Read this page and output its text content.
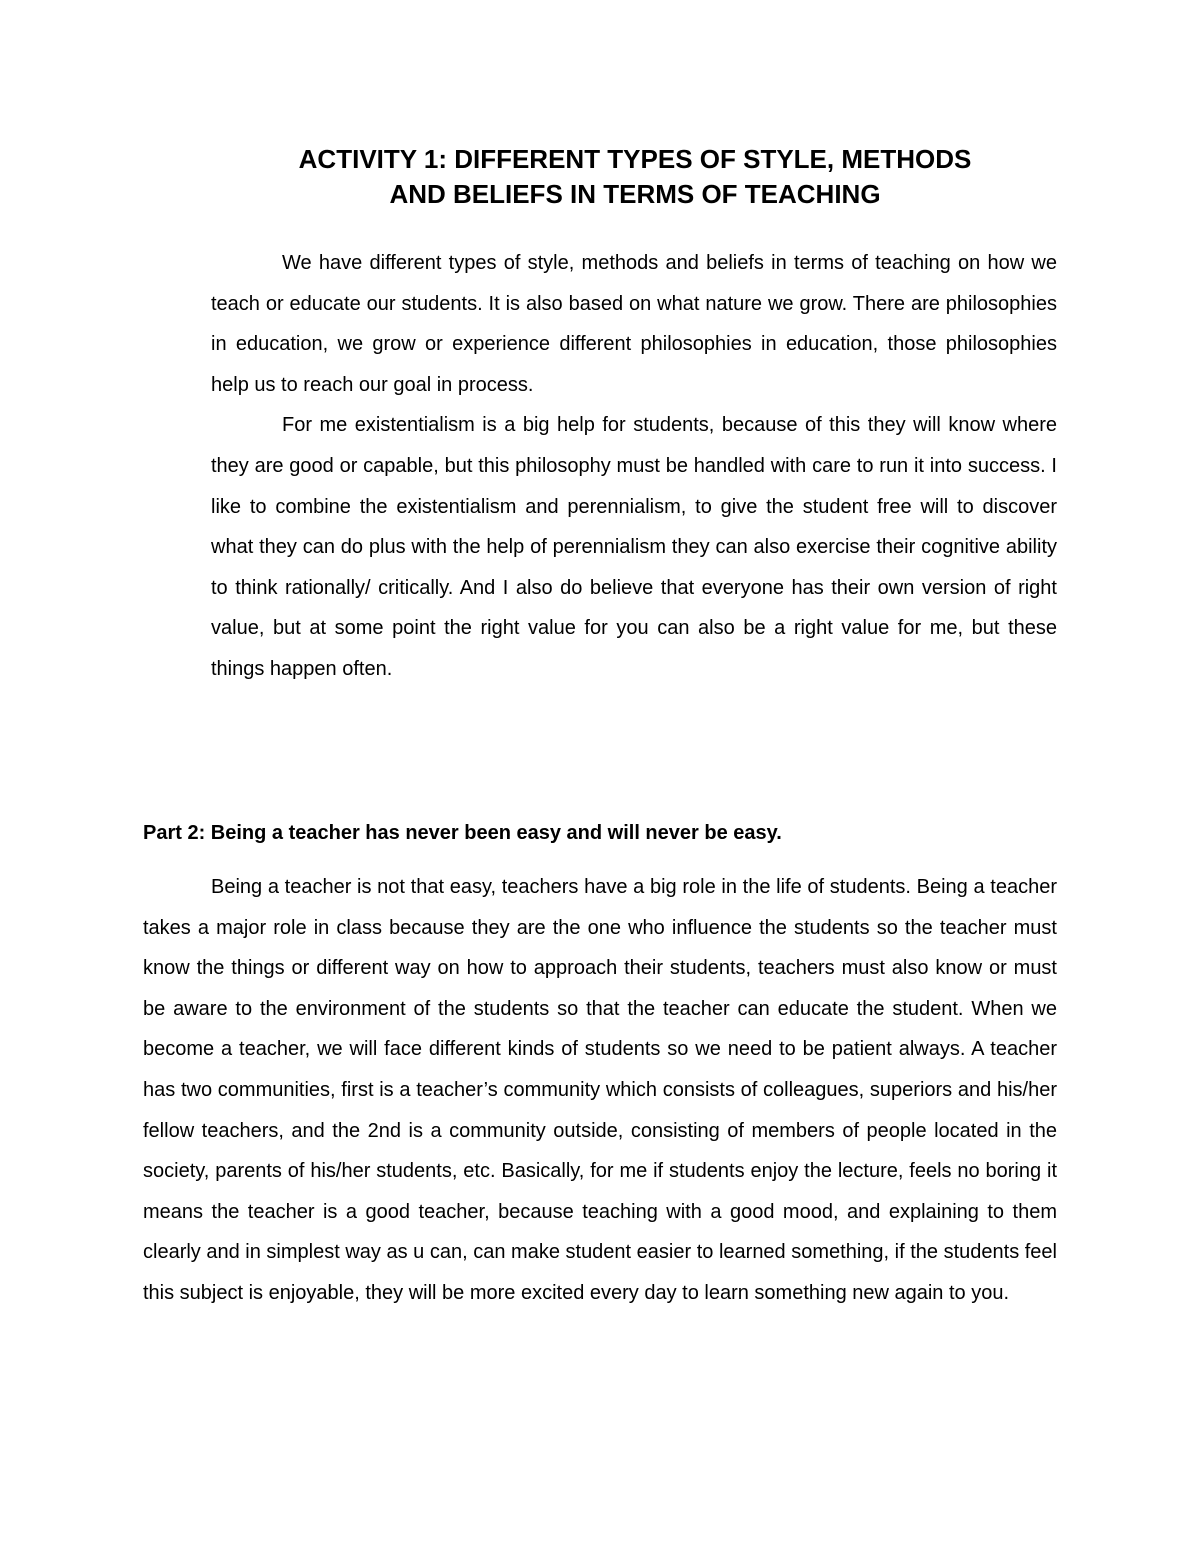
ACTIVITY 1: DIFFERENT TYPES OF STYLE, METHODS
AND BELIEFS IN TERMS OF TEACHING

We have different types of style, methods and beliefs in terms of teaching on how we teach or educate our students. It is also based on what nature we grow. There are philosophies in education, we grow or experience different philosophies in education, those philosophies help us to reach our goal in process.

For me existentialism is a big help for students, because of this they will know where they are good or capable, but this philosophy must be handled with care to run it into success. I like to combine the existentialism and perennialism, to give the student free will to discover what they can do plus with the help of perennialism they can also exercise their cognitive ability to think rationally/ critically. And I also do believe that everyone has their own version of right value, but at some point the right value for you can also be a right value for me, but these things happen often.

Part 2: Being a teacher has never been easy and will never be easy.

Being a teacher is not that easy, teachers have a big role in the life of students. Being a teacher takes a major role in class because they are the one who influence the students so the teacher must know the things or different way on how to approach their students, teachers must also know or must be aware to the environment of the students so that the teacher can educate the student. When we become a teacher, we will face different kinds of students so we need to be patient always. A teacher has two communities, first is a teacher’s community which consists of colleagues, superiors and his/her fellow teachers, and the 2nd is a community outside, consisting of members of people located in the society, parents of his/her students, etc. Basically, for me if students enjoy the lecture, feels no boring it means the teacher is a good teacher, because teaching with a good mood, and explaining to them clearly and in simplest way as u can, can make student easier to learned something, if the students feel this subject is enjoyable, they will be more excited every day to learn something new again to you.
